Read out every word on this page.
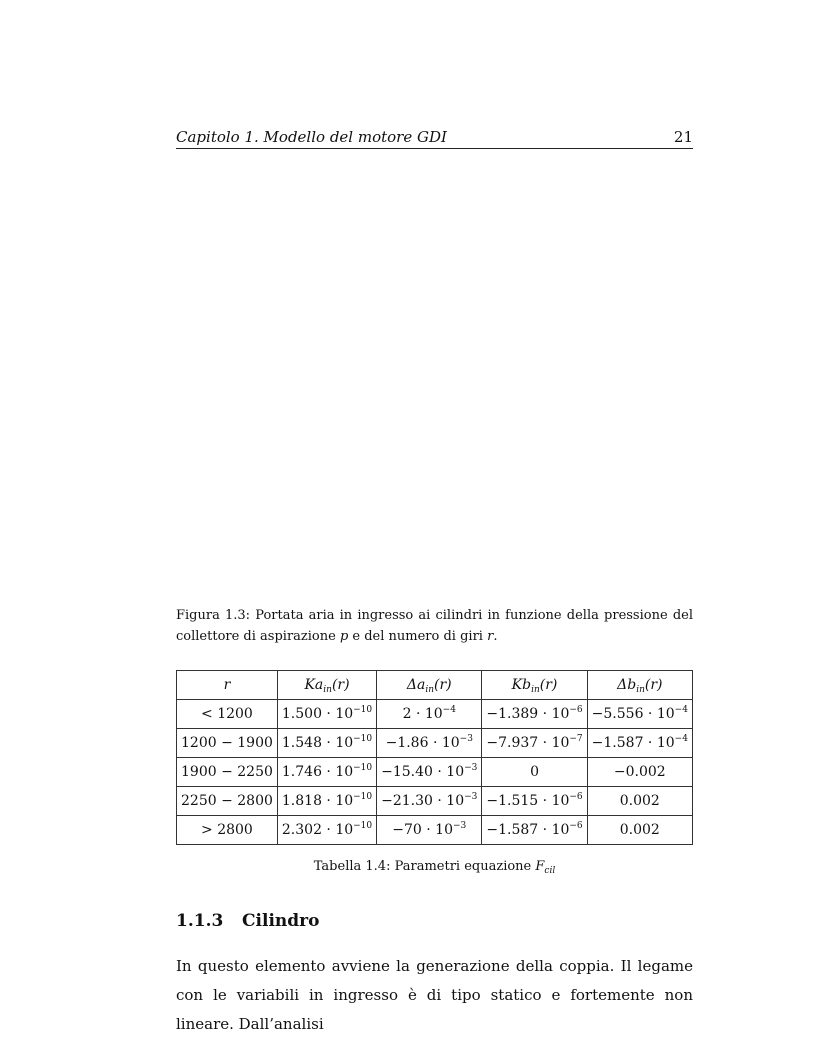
Capitolo 1. Modello del motore GDI	21
Figura 1.3: Portata aria in ingresso ai cilindri in funzione della pressione del collettore di aspirazione p e del numero di giri r.
r	$Ka_{in}(r)$	$\Delta a_{in}(r)$	$Kb_{in}(r)$	$\Delta b_{in}(r)$
< 1200	$1.500 \cdot 10^{-10}$	$2 \cdot 10^{-4}$	$-1.389 \cdot 10^{-6}$	$-5.556 \cdot 10^{-4}$
1200 − 1900	$1.548 \cdot 10^{-10}$	$-1.86 \cdot 10^{-3}$	$-7.937 \cdot 10^{-7}$	$-1.587 \cdot 10^{-4}$
1900 − 2250	$1.746 \cdot 10^{-10}$	$-15.40 \cdot 10^{-3}$	0	−0.002
2250 − 2800	$1.818 \cdot 10^{-10}$	$-21.30 \cdot 10^{-3}$	$-1.515 \cdot 10^{-6}$	0.002
> 2800	$2.302 \cdot 10^{-10}$	$-70 \cdot 10^{-3}$	$-1.587 \cdot 10^{-6}$	0.002
Tabella 1.4: Parametri equazione $F_{cil}$
1.1.3 Cilindro
In questo elemento avviene la generazione della coppia. Il legame con le variabili in ingresso è di tipo statico e fortemente non lineare. Dall’analisi
